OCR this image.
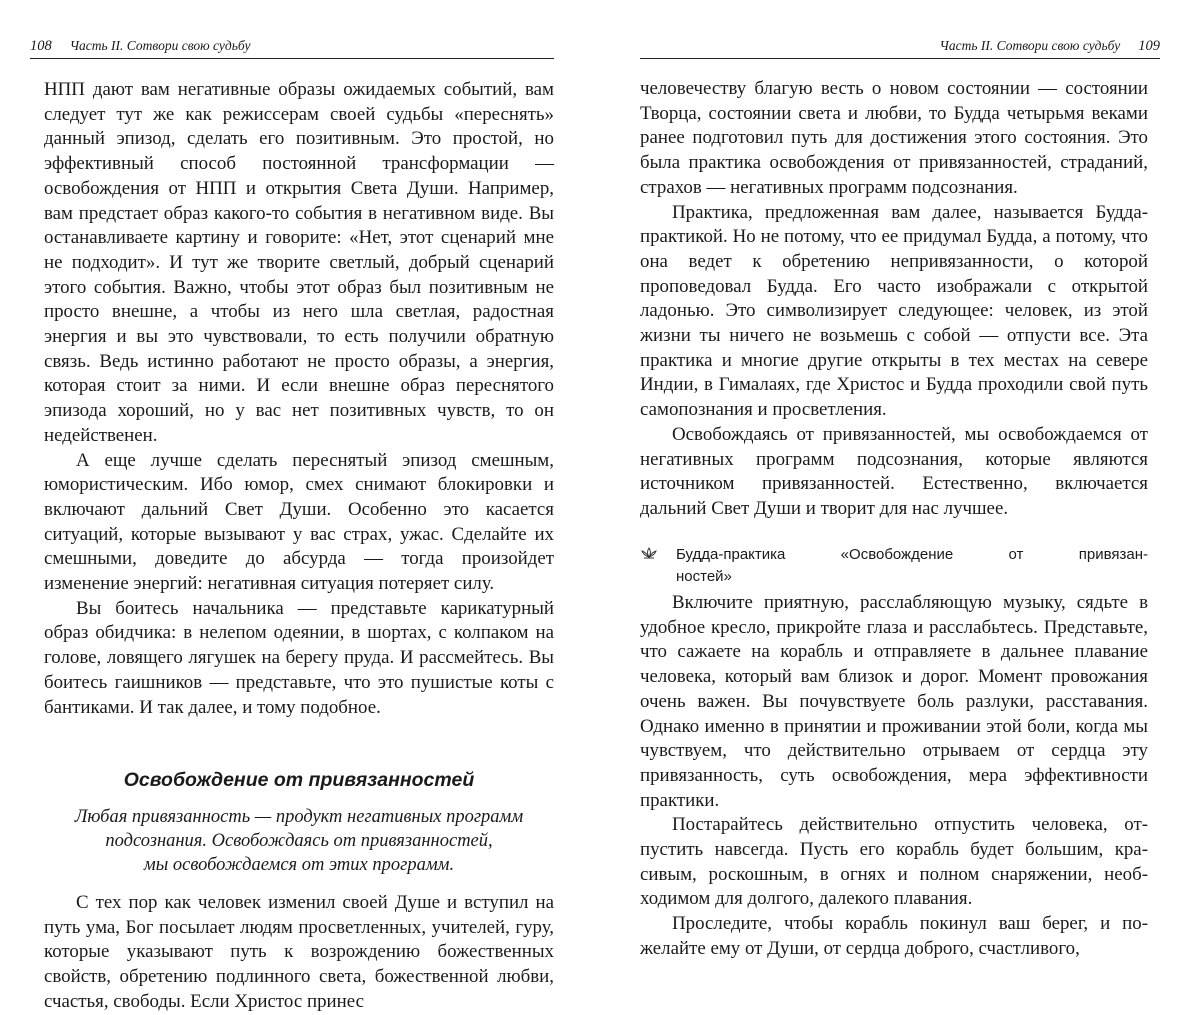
108 Часть II. Сотвори свою судьбу

НПП дают вам негативные образы ожидаемых событий, вам следует тут же как режиссерам своей судьбы «переснять» данный эпизод, сделать его позитивным. Это простой, но эффективный способ постоянной трансформации — освобождения от НПП и открытия Света Души. Например, вам предстает образ какого-то события в негативном виде. Вы останавливаете картину и говорите: «Нет, этот сценарий мне не подходит». И тут же творите светлый, добрый сценарий этого события. Важно, чтобы этот образ был позитивным не просто внешне, а чтобы из него шла светлая, радостная энергия и вы это чувствовали, то есть получили обратную связь. Ведь истинно работают не просто образы, а энергия, которая стоит за ними. И если внешне образ переснятого эпизода хороший, но у вас нет позитивных чувств, то он недейственен.

А еще лучше сделать переснятый эпизод смешным, юмористическим. Ибо юмор, смех снимают блокировки и включают дальний Свет Души. Особенно это касается ситуаций, которые вызывают у вас страх, ужас. Сделайте их смешными, доведите до абсурда — тогда произойдет изменение энергий: негативная ситуация потеряет силу.

Вы боитесь начальника — представьте карикатурный образ обидчика: в нелепом одеянии, в шортах, с колпаком на голове, ловящего лягушек на берегу пруда. И рассмейтесь. Вы боитесь гаишников — представьте, что это пушистые коты с бантиками. И так далее, и тому подобное.

Освобождение от привязанностей
Любая привязанность — продукт негативных программ
подсознания. Освобождаясь от привязанностей,
мы освобождаемся от этих программ.

С тех пор как человек изменил своей Душе и вступил на путь ума, Бог посылает людям просветленных, учителей, гуру, которые указывают путь к возрождению божественных свойств, обретению подлинного света, божественной любви, счастья, свободы. Если Христос принес

Часть II. Сотвори свою судьбу 109

человечеству благую весть о новом состоянии — состоянии Творца, состоянии света и любви, то Будда четырьмя веками ранее подготовил путь для достижения этого состояния. Это была практика освобождения от привязанностей, страданий, страхов — негативных программ подсознания.

Практика, предложенная вам далее, называется Будда-практикой. Но не потому, что ее придумал Будда, а потому, что она ведет к обретению непривязанности, о которой проповедовал Будда. Его часто изображали с открытой ладонью. Это символизирует следующее: человек, из этой жизни ты ничего не возьмешь с собой — отпусти все. Эта практика и многие другие открыты в тех местах на севере Индии, в Гималаях, где Христос и Будда проходили свой путь самопознания и просветления.

Освобождаясь от привязанностей, мы освобождаемся от негативных программ подсознания, которые являются источником привязанностей. Естественно, включается дальний Свет Души и творит для нас лучшее.

Будда-практика «Освобождение от привязан-
ностей»

Включите приятную, расслабляющую музыку, сядьте в удобное кресло, прикройте глаза и расслабьтесь. Представьте, что сажаете на корабль и отправляете в дальнее плавание человека, который вам близок и дорог. Момент провожания очень важен. Вы почувствуете боль разлуки, расставания. Однако именно в принятии и проживании этой боли, когда мы чувствуем, что действительно отрываем от сердца эту привязанность, суть освобождения, мера эффективности практики.

Постарайтесь действительно отпустить человека, отпустить навсегда. Пусть его корабль будет большим, красивым, роскошным, в огнях и полном снаряжении, необходимом для долгого, далекого плавания.

Проследите, чтобы корабль покинул ваш берег, и пожелайте ему от Души, от сердца доброго, счастливого,
